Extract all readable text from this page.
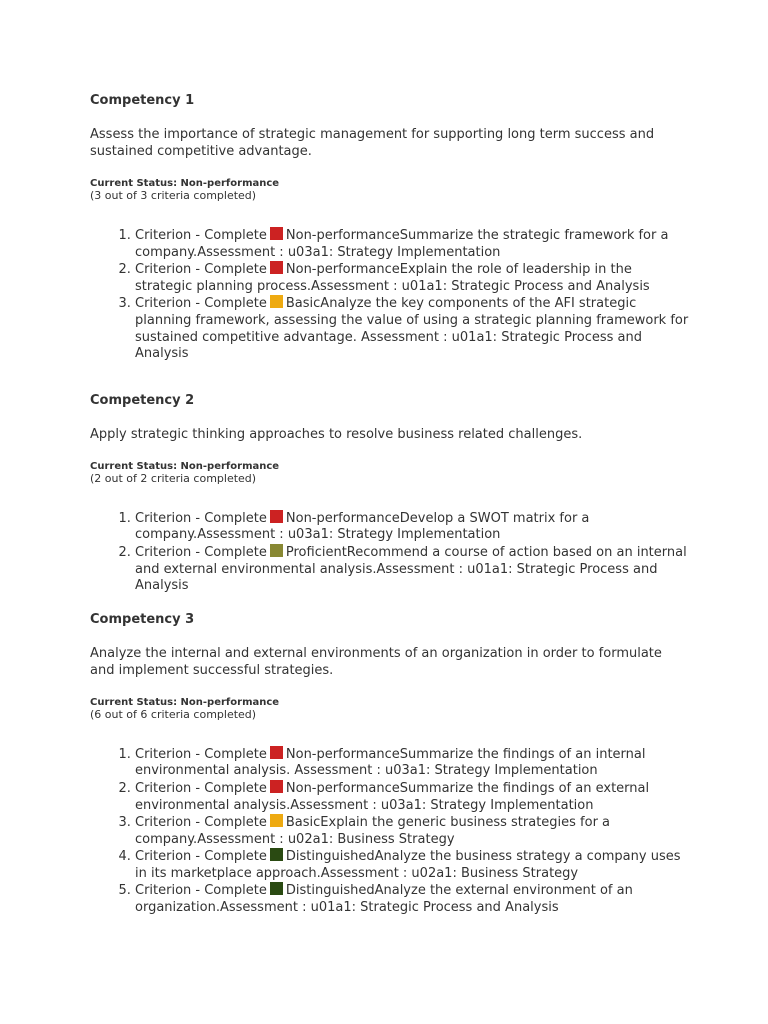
Competency 1

Assess the importance of strategic management for supporting long term success and sustained competitive advantage.

Current Status: Non-performance
(3 out of 3 criteria completed)
1. Criterion - Complete Non-performanceSummarize the strategic framework for a company.Assessment : u03a1: Strategy Implementation
2. Criterion - Complete Non-performanceExplain the role of leadership in the strategic planning process.Assessment : u01a1: Strategic Process and Analysis
3. Criterion - Complete BasicAnalyze the key components of the AFI strategic planning framework, assessing the value of using a strategic planning framework for sustained competitive advantage. Assessment : u01a1: Strategic Process and Analysis
Competency 2

Apply strategic thinking approaches to resolve business related challenges.

Current Status: Non-performance
(2 out of 2 criteria completed)
1. Criterion - Complete Non-performanceDevelop a SWOT matrix for a company.Assessment : u03a1: Strategy Implementation
2. Criterion - Complete ProficientRecommend a course of action based on an internal and external environmental analysis.Assessment : u01a1: Strategic Process and Analysis
Competency 3

Analyze the internal and external environments of an organization in order to formulate and implement successful strategies.

Current Status: Non-performance
(6 out of 6 criteria completed)
1. Criterion - Complete Non-performanceSummarize the findings of an internal environmental analysis. Assessment : u03a1: Strategy Implementation
2. Criterion - Complete Non-performanceSummarize the findings of an external environmental analysis.Assessment : u03a1: Strategy Implementation
3. Criterion - Complete BasicExplain the generic business strategies for a company.Assessment : u02a1: Business Strategy
4. Criterion - Complete DistinguishedAnalyze the business strategy a company uses in its marketplace approach.Assessment : u02a1: Business Strategy
5. Criterion - Complete DistinguishedAnalyze the external environment of an organization.Assessment : u01a1: Strategic Process and Analysis
